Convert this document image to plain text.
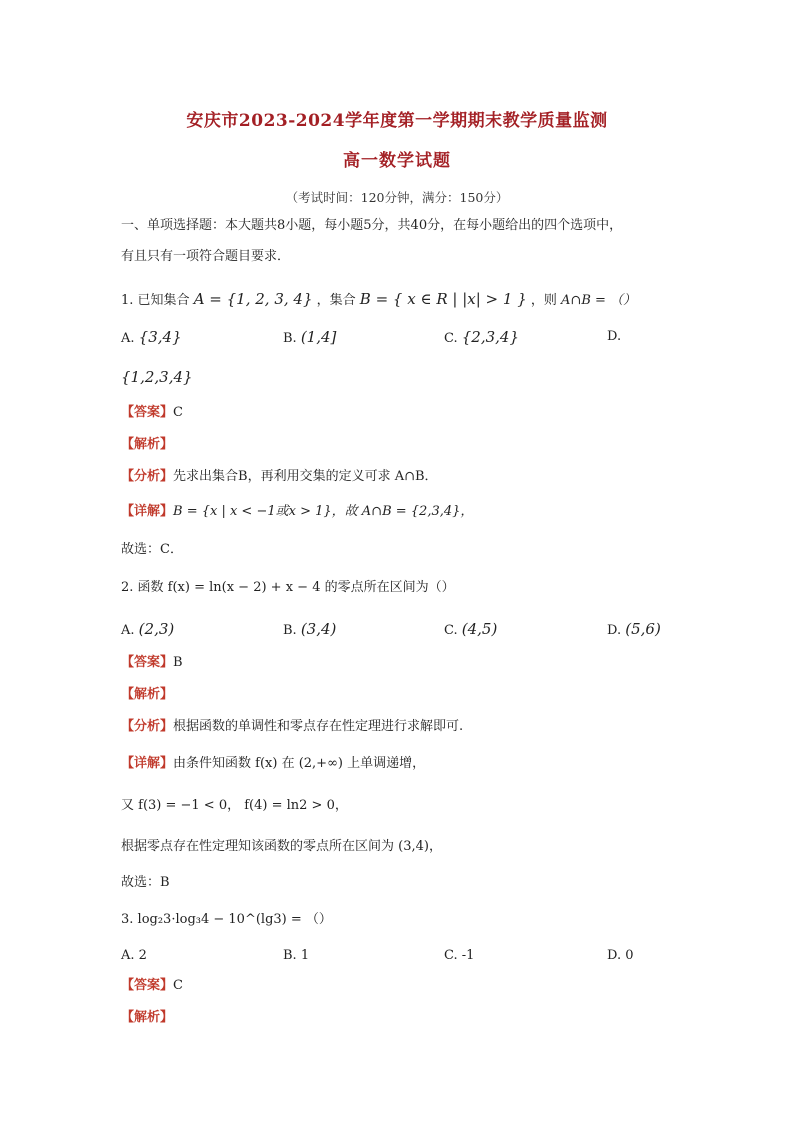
安庆市2023-2024学年度第一学期期末教学质量监测
高一数学试题
（考试时间：120分钟，满分：150分）
一、单项选择题：本大题共8小题，每小题5分，共40分，在每小题给出的四个选项中，
有且只有一项符合题目要求．
1. 已知集合 A = {1, 2, 3, 4} ，集合 B = { x ∈ R | |x| > 1 } ，则 A∩B = （）
A. {3,4}	B. (1,4]	C. {2,3,4}	D.
{1,2,3,4}
【答案】C
【解析】
【分析】先求出集合B，再利用交集的定义可求 A∩B．
【详解】B = {x | x < −1或x > 1}，故 A∩B = {2,3,4}，
故选：C．
2. 函数 f(x) = ln(x − 2) + x − 4 的零点所在区间为（）
A. (2,3)	B. (3,4)	C. (4,5)	D. (5,6)
【答案】B
【解析】
【分析】根据函数的单调性和零点存在性定理进行求解即可.
【详解】由条件知函数 f(x) 在 (2,+∞) 上单调递增，
又 f(3) = −1 < 0， f(4) = ln2 > 0，
根据零点存在性定理知该函数的零点所在区间为 (3,4)，
故选：B
3. log₂3·log₃4 − 10^(lg3) = （）
A. 2	B. 1	C. -1	D. 0
【答案】C
【解析】
